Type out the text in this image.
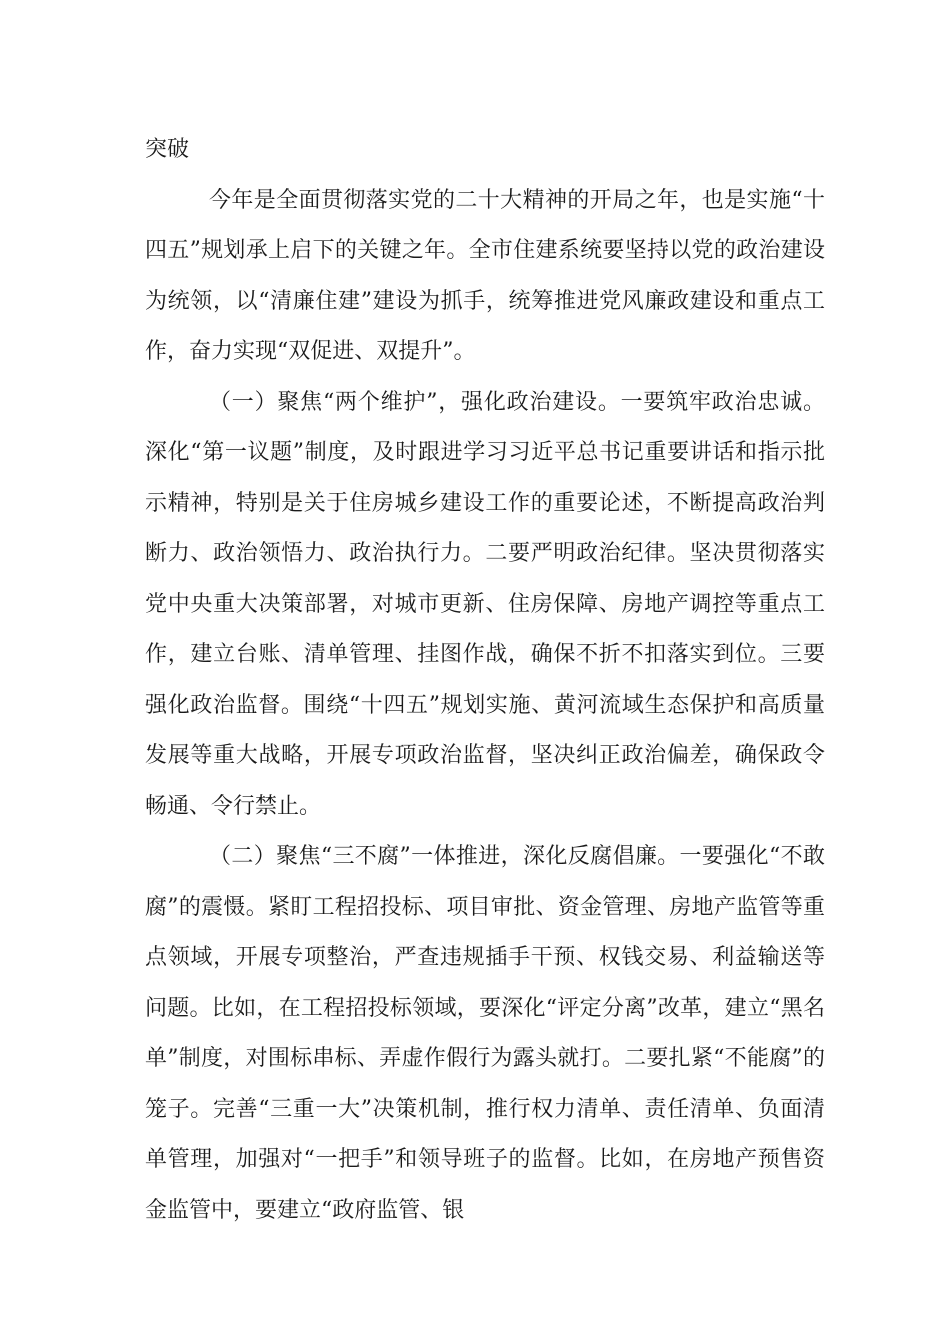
突破

今年是全面贯彻落实党的二十大精神的开局之年，也是实施“十四五”规划承上启下的关键之年。全市住建系统要坚持以党的政治建设为统领，以“清廉住建”建设为抓手，统筹推进党风廉政建设和重点工作，奋力实现“双促进、双提升”。

（一）聚焦“两个维护”，强化政治建设。一要筑牢政治忠诚。深化“第一议题”制度，及时跟进学习习近平总书记重要讲话和指示批示精神，特别是关于住房城乡建设工作的重要论述，不断提高政治判断力、政治领悟力、政治执行力。二要严明政治纪律。坚决贯彻落实党中央重大决策部署，对城市更新、住房保障、房地产调控等重点工作，建立台账、清单管理、挂图作战，确保不折不扣落实到位。三要强化政治监督。围绕“十四五”规划实施、黄河流域生态保护和高质量发展等重大战略，开展专项政治监督，坚决纠正政治偏差，确保政令畅通、令行禁止。

（二）聚焦“三不腐”一体推进，深化反腐倡廉。一要强化“不敢腐”的震慑。紧盯工程招投标、项目审批、资金管理、房地产监管等重点领域，开展专项整治，严查违规插手干预、权钱交易、利益输送等问题。比如，在工程招投标领域，要深化“评定分离”改革，建立“黑名单”制度，对围标串标、弄虚作假行为露头就打。二要扎紧“不能腐”的笼子。完善“三重一大”决策机制，推行权力清单、责任清单、负面清单管理，加强对“一把手”和领导班子的监督。比如，在房地产预售资金监管中，要建立“政府监管、银
